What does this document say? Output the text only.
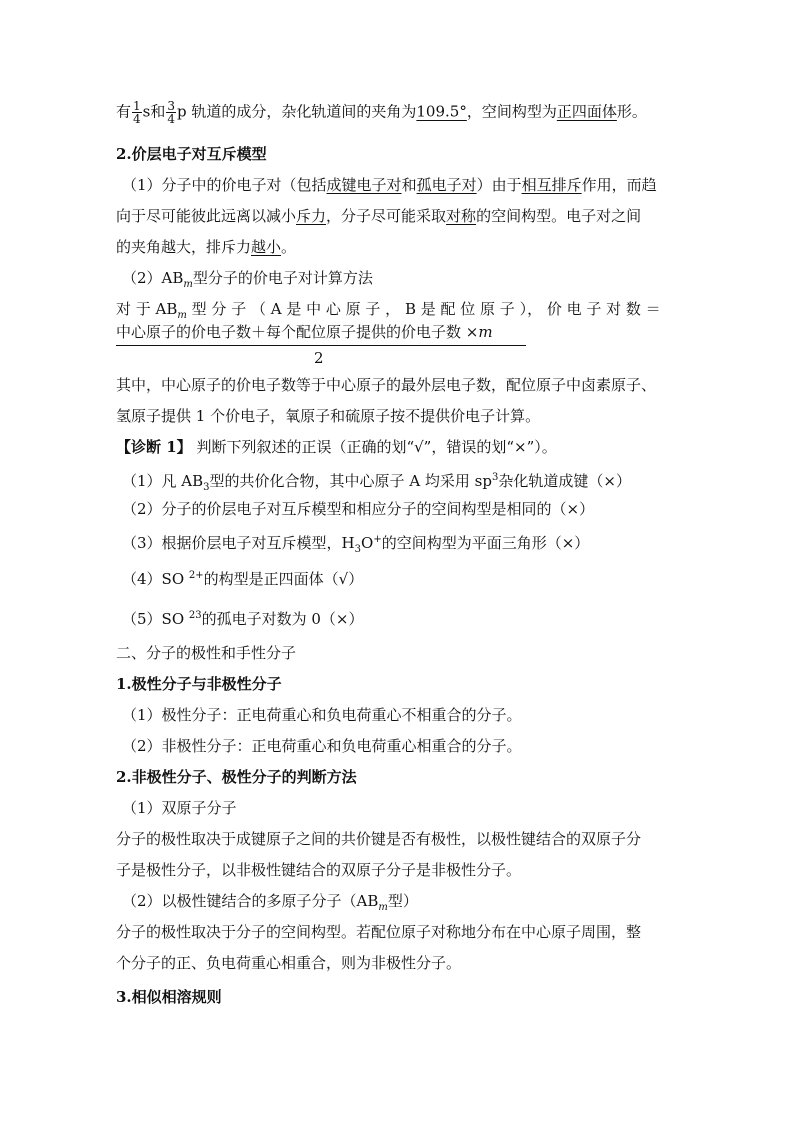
有 $\frac{1}{4}$ s和 $\frac{3}{4}$ p 轨道的成分，杂化轨道间的夹角为109.5°，空间构型为正四面体形。
2.价层电子对互斥模型
（1）分子中的价电子对（包括成键电子对和孤电子对）由于相互排斥作用，而趋
向于尽可能彼此远离以减小斥力，分子尽可能采取对称的空间构型。电子对之间
的夹角越大，排斥力越小。
$(2)AB_m$型分子的价电子对计算方法
对 于 $AB_m$ 型 分 子 （ A 是 中 心 原 子 ， B 是 配 位 原 子 ）， 价 电 子 对 数 ＝
中心原子的价电子数＋每个配位原子提供的价电子数 ×m
2
其中，中心原子的价电子数等于中心原子的最外层电子数，配位原子中卤素原子、
氢原子提供 1 个价电子，氧原子和硫原子按不提供价电子计算。
【诊断 1】 判断下列叙述的正误（正确的划“√”，错误的划“×”）。
（1）凡 $AB_3$型的共价化合物，其中心原子 A 均采用 $sp^3$杂化轨道成键（×）
（2）分子的价层电子对互斥模型和相应分子的空间构型是相同的（×）
（3）根据价层电子对互斥模型，$H_3O^+$的空间构型为平面三角形（×）
（4）SO $^{2+}$的构型是正四面体（√）
（5）SO $^{23}$的孤电子对数为 0（×）
二、分子的极性和手性分子
1.极性分子与非极性分子
（1）极性分子：正电荷重心和负电荷重心不相重合的分子。
（2）非极性分子：正电荷重心和负电荷重心相重合的分子。
2.非极性分子、极性分子的判断方法
（1）双原子分子
分子的极性取决于成键原子之间的共价键是否有极性，以极性键结合的双原子分
子是极性分子，以非极性键结合的双原子分子是非极性分子。
（2）以极性键结合的多原子分子（$AB_m$型）
分子的极性取决于分子的空间构型。若配位原子对称地分布在中心原子周围，整
个分子的正、负电荷重心相重合，则为非极性分子。
3.相似相溶规则
